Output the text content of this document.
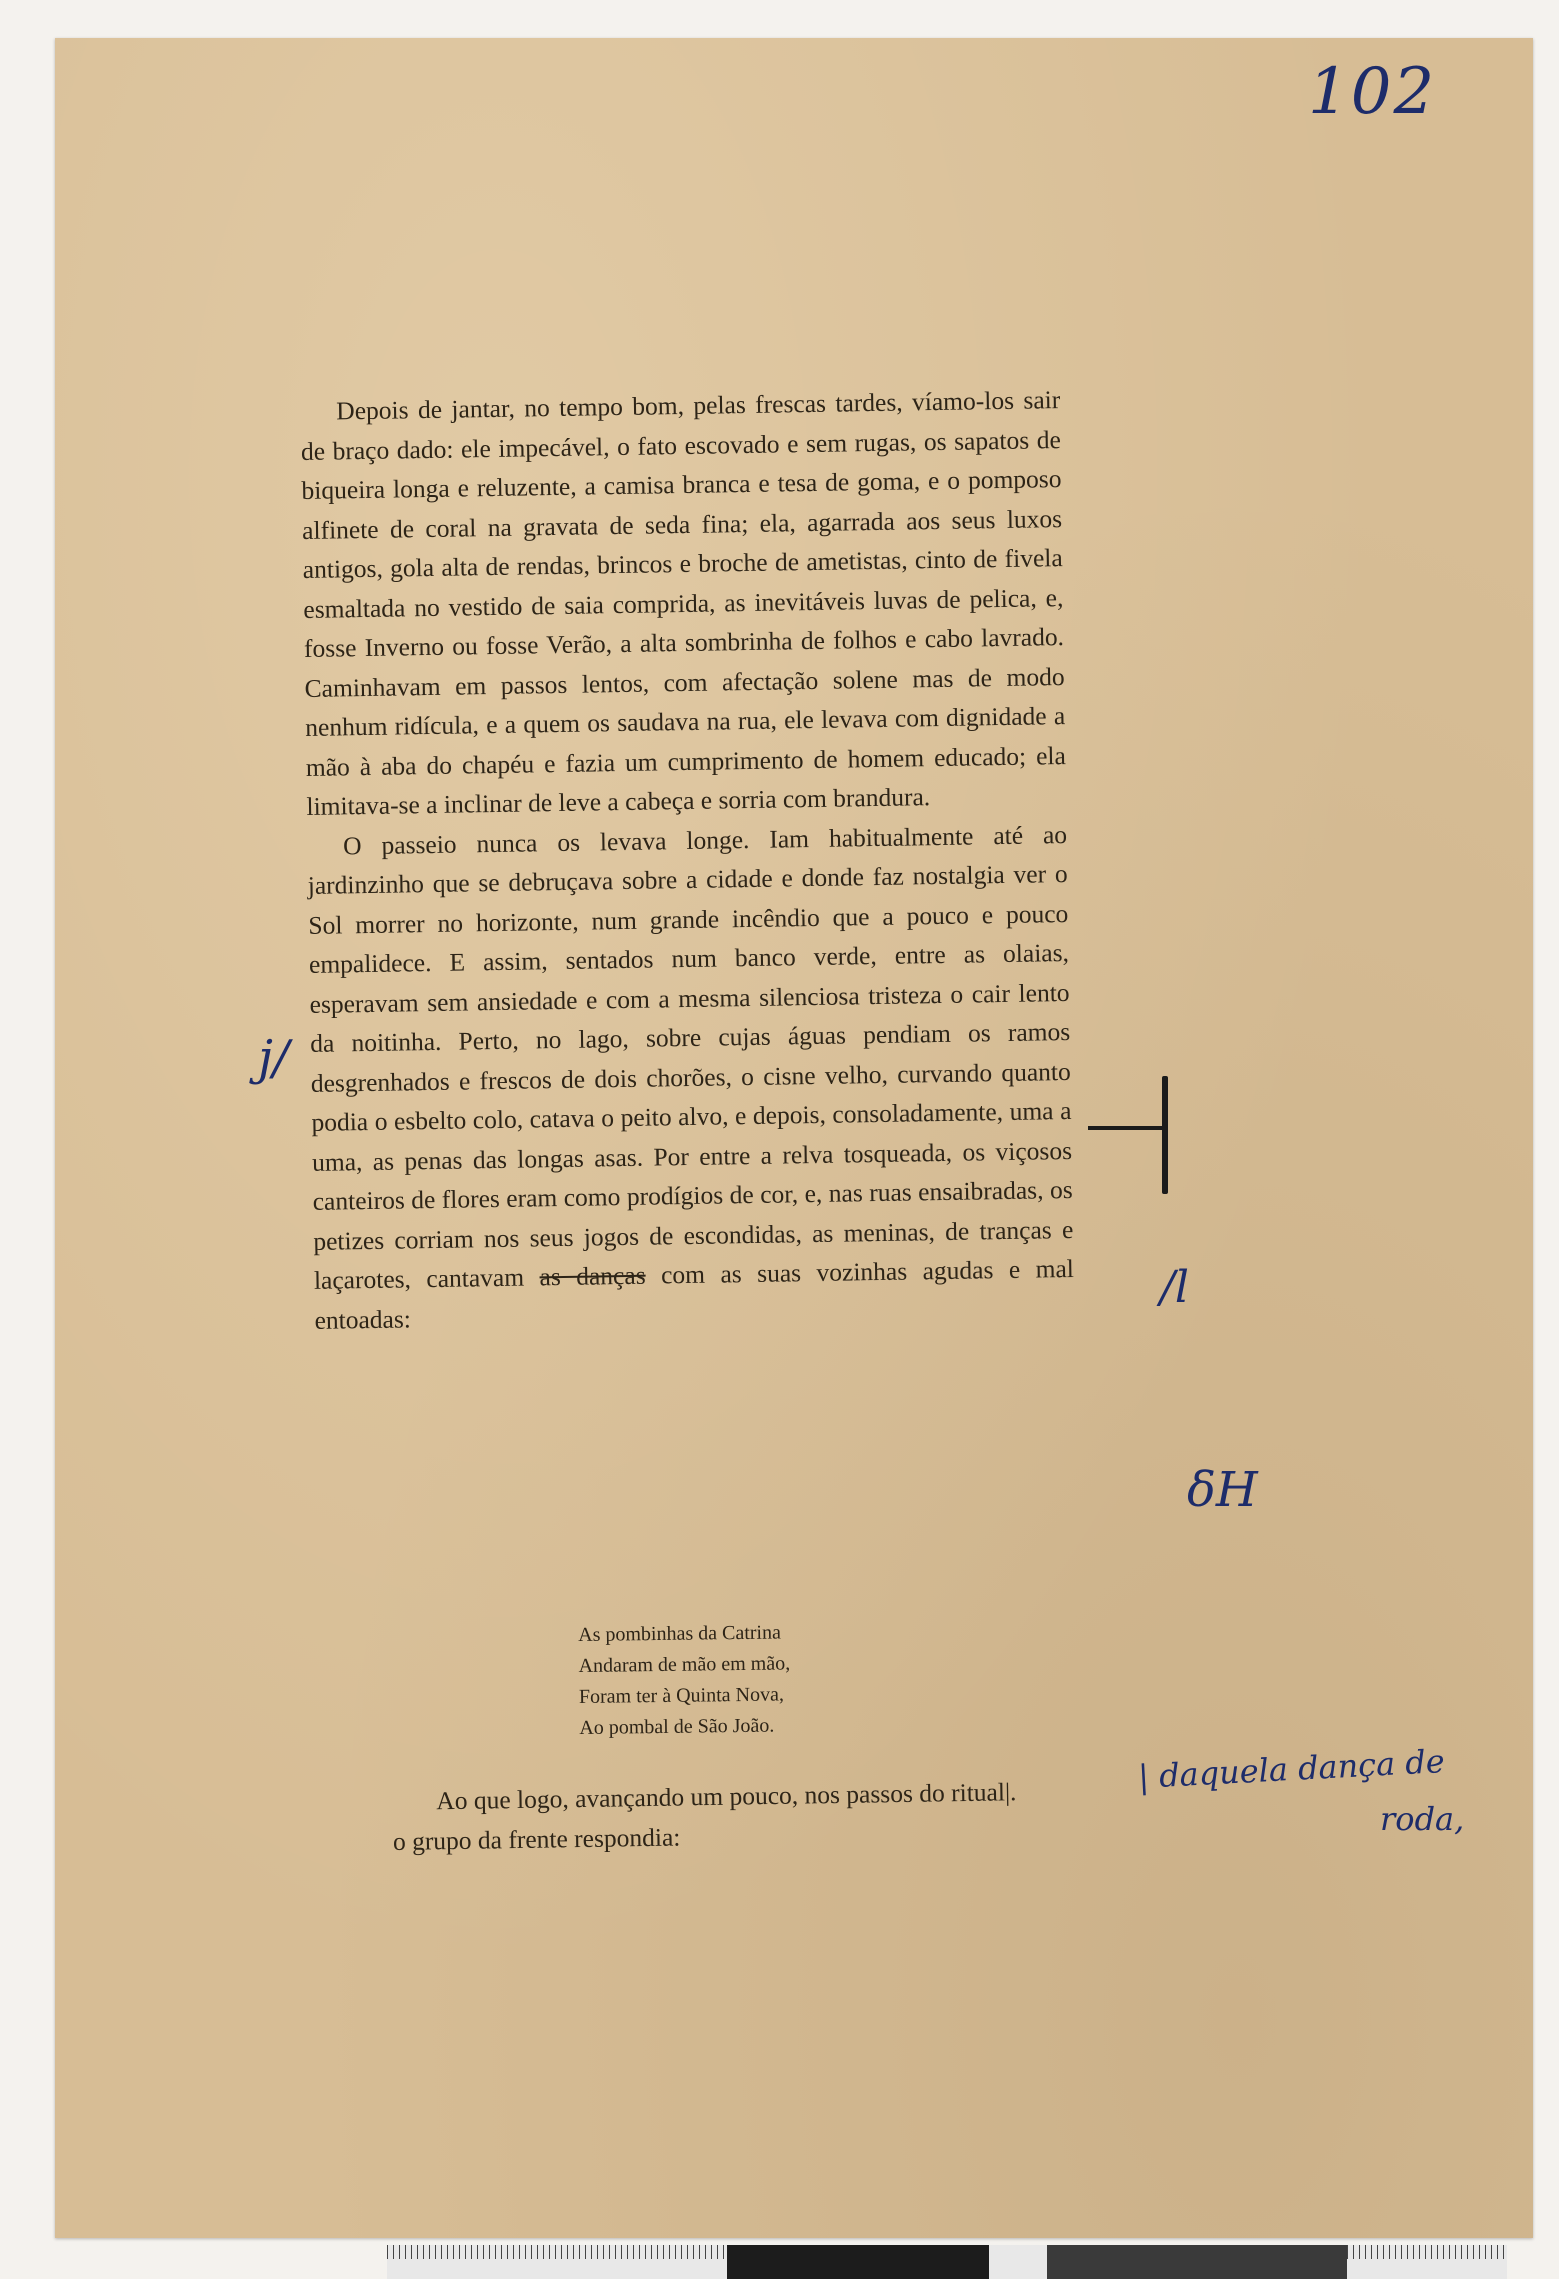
102

Depois de jantar, no tempo bom, pelas frescas tardes, víamo-los sair de braço dado: ele impecável, o fato escovado e sem rugas, os sapatos de biqueira longa e reluzente, a camisa branca e tesa de goma, e o pomposo alfinete de coral na gravata de seda fina; ela, agarrada aos seus luxos antigos, gola alta de rendas, brincos e broche de ametistas, cinto de fivela esmaltada no vestido de saia comprida, as inevitáveis luvas de pelica, e, fosse Inverno ou fosse Verão, a alta sombrinha de folhos e cabo lavrado. Caminhavam em passos lentos, com afectação solene mas de modo nenhum ridícula, e a quem os saudava na rua, ele levava com dignidade a mão à aba do chapéu e fazia um cumprimento de homem educado; ela limitava-se a inclinar de leve a cabeça e sorria com brandura.

O passeio nunca os levava longe. Iam habitualmente até ao jardinzinho que se debruçava sobre a cidade e donde faz nostalgia ver o Sol morrer no horizonte, num grande incêndio que a pouco e pouco empalidece. E assim, sentados num banco verde, entre as olaias, esperavam sem ansiedade e com a mesma silenciosa tristeza o cair lento da noitinha. Perto, no lago, sobre cujas águas pendiam os ramos desgrenhados e frescos de dois chorões, o cisne velho, curvando quanto podia o esbelto colo, catava o peito alvo, e depois, consoladamente, uma a uma, as penas das longas asas. Por entre a relva tosqueada, os viçosos canteiros de flores eram como prodígios de cor, e, nas ruas ensaibradas, os petizes corriam nos seus jogos de escondidas, as meninas, de tranças e laçarotes, cantavam as danças com as suas vozinhas agudas e mal entoadas:

As pombinhas da Catrina
Andaram de mão em mão,
Foram ter à Quinta Nova,
Ao pombal de São João.

Ao que logo, avançando um pouco, nos passos do ritual|.
o grupo da frente respondia:

j/
/l
δH
| daquela dança de
roda,
